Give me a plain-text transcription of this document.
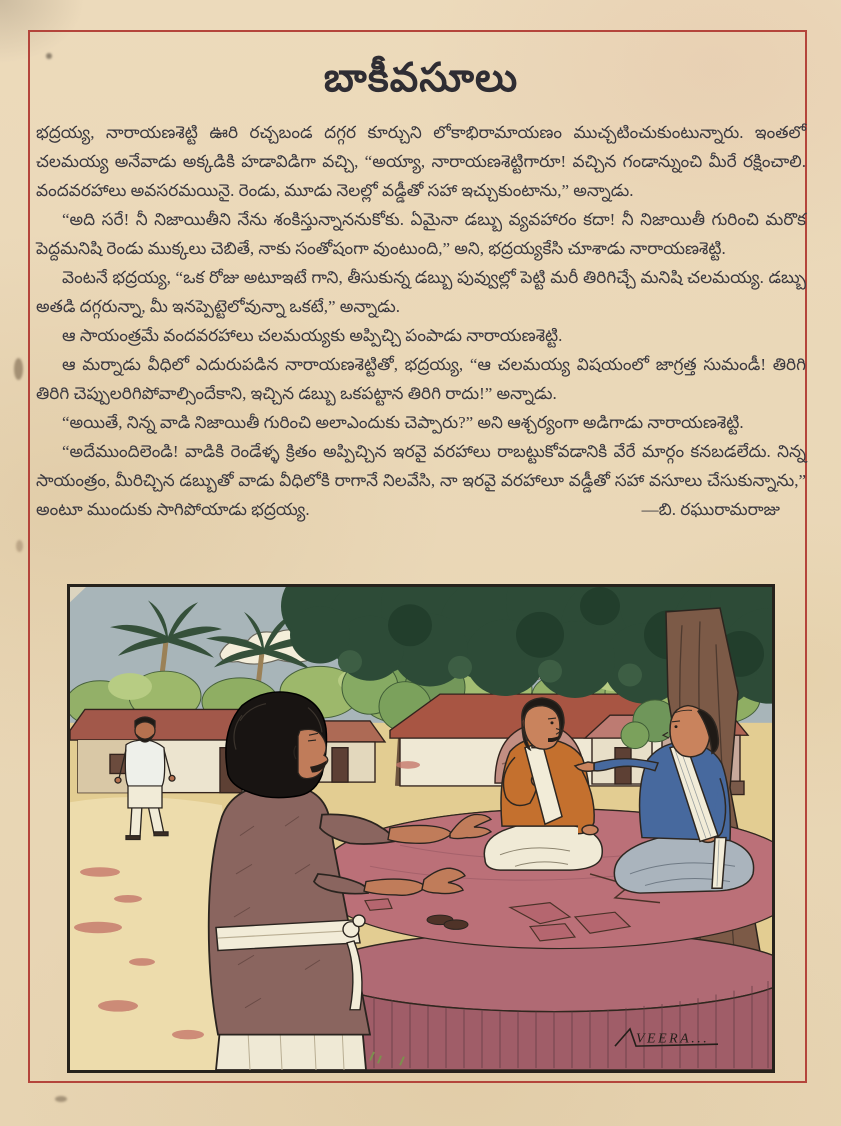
బాకీవసూలు

భద్రయ్య, నారాయణశెట్టి ఊరి రచ్చబండ దగ్గర కూర్చుని లోకాభిరామాయణం ముచ్చటించుకుంటున్నారు. ఇంతలో చలమయ్య అనేవాడు అక్కడికి హడావిడిగా వచ్చి, “అయ్యా, నారాయణశెట్టిగారూ! వచ్చిన గండాన్నుంచి మీరే రక్షించాలి. వందవరహాలు అవసరమయినై. రెండు, మూడు నెలల్లో వడ్డీతో సహా ఇచ్చుకుంటాను,” అన్నాడు.

“అది సరే! నీ నిజాయితీని నేను శంకిస్తున్నాననుకోకు. ఏమైనా డబ్బు వ్యవహారం కదా! నీ నిజాయితీ గురించి మరొక పెద్దమనిషి రెండు ముక్కలు చెబితే, నాకు సంతోషంగా వుంటుంది,” అని, భద్రయ్యకేసి చూశాడు నారాయణశెట్టి.

వెంటనే భద్రయ్య, “ఒక రోజు అటూఇటే గాని, తీసుకున్న డబ్బు పువ్వుల్లో పెట్టి మరీ తిరిగిచ్చే మనిషి చలమయ్య. డబ్బు అతడి దగ్గరున్నా, మీ ఇనప్పెట్టెలోవున్నా ఒకటే,” అన్నాడు.

ఆ సాయంత్రమే వందవరహాలు చలమయ్యకు అప్పిచ్చి పంపాడు నారాయణశెట్టి.

ఆ మర్నాడు వీధిలో ఎదురుపడిన నారాయణశెట్టితో, భద్రయ్య, “ఆ చలమయ్య విషయంలో జాగ్రత్త సుమండీ! తిరిగి తిరిగి చెప్పులరిగిపోవాల్సిందేకాని, ఇచ్చిన డబ్బు ఒకపట్టాన తిరిగి రాదు!” అన్నాడు.

“అయితే, నిన్న వాడి నిజాయితీ గురించి అలాఎందుకు చెప్పారు?” అని ఆశ్చర్యంగా అడిగాడు నారాయణశెట్టి.

“అదేముందిలెండి! వాడికి రెండేళ్ళ క్రితం అప్పిచ్చిన ఇరవై వరహాలు రాబట్టుకోవడానికి వేరే మార్గం కనబడలేదు. నిన్న సాయంత్రం, మీరిచ్చిన డబ్బుతో వాడు వీధిలోకి రాగానే నిలవేసి, నా ఇరవై వరహాలూ వడ్డీతో సహా వసూలు చేసుకున్నాను,” అంటూ ముందుకు సాగిపోయాడు భద్రయ్య.	—బి. రఘురామరాజు
VEERA...
